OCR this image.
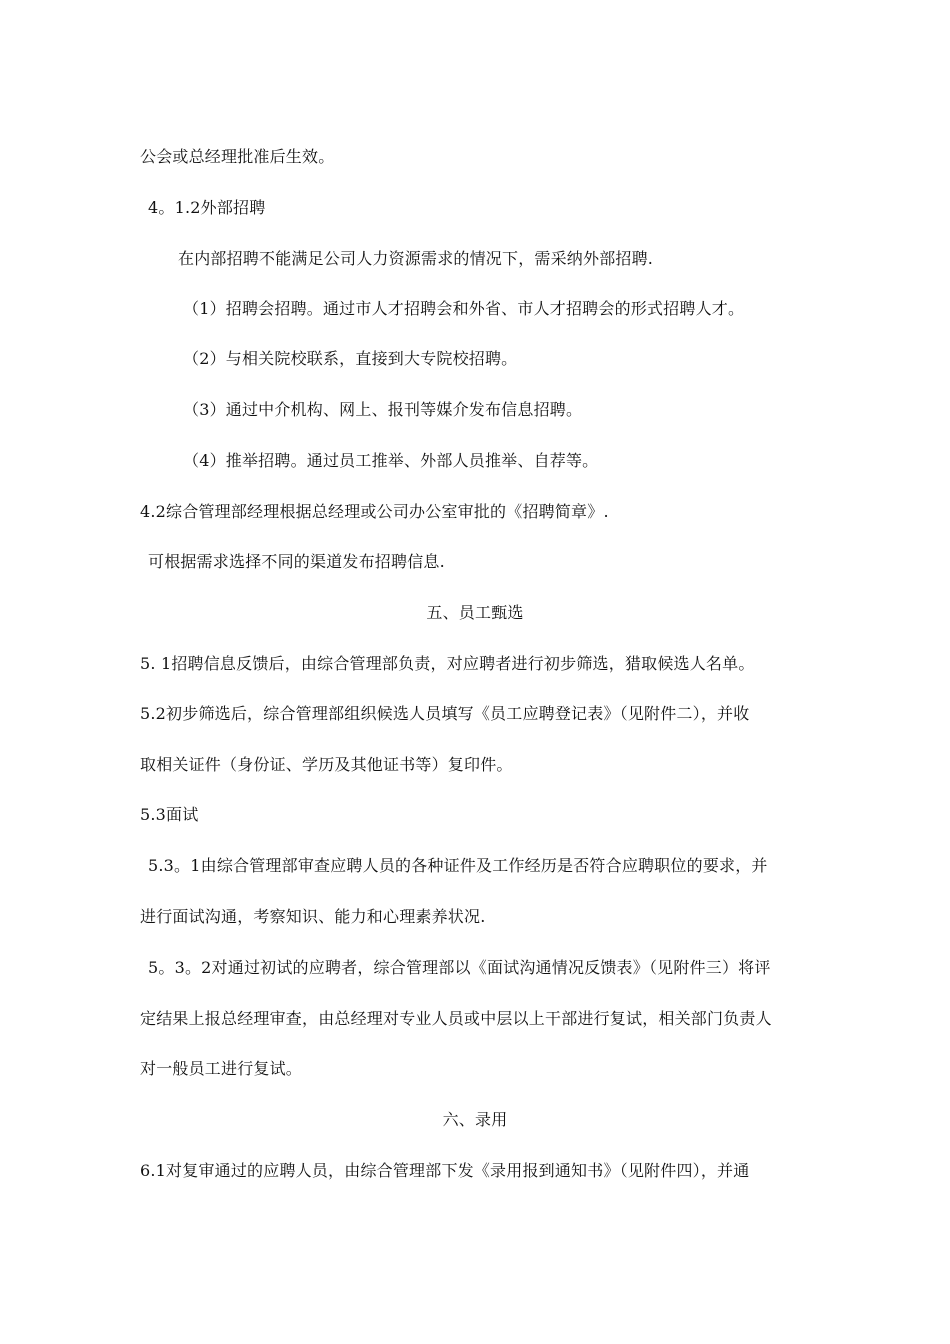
公会或总经理批准后生效。
4。1.2外部招聘
在内部招聘不能满足公司人力资源需求的情况下，需采纳外部招聘.
（1）招聘会招聘。通过市人才招聘会和外省、市人才招聘会的形式招聘人才。
（2）与相关院校联系，直接到大专院校招聘。
（3）通过中介机构、网上、报刊等媒介发布信息招聘。
（4）推举招聘。通过员工推举、外部人员推举、自荐等。
4.2综合管理部经理根据总经理或公司办公室审批的《招聘简章》.
可根据需求选择不同的渠道发布招聘信息.
五、员工甄选
5. 1招聘信息反馈后，由综合管理部负责，对应聘者进行初步筛选，猎取候选人名单。
5.2初步筛选后，综合管理部组织候选人员填写《员工应聘登记表》（见附件二），并收
取相关证件（身份证、学历及其他证书等）复印件。
5.3面试
5.3。1由综合管理部审查应聘人员的各种证件及工作经历是否符合应聘职位的要求，并
进行面试沟通，考察知识、能力和心理素养状况.
5。3。2对通过初试的应聘者，综合管理部以《面试沟通情况反馈表》（见附件三）将评
定结果上报总经理审查，由总经理对专业人员或中层以上干部进行复试，相关部门负责人
对一般员工进行复试。
六、录用
6.1对复审通过的应聘人员，由综合管理部下发《录用报到通知书》（见附件四），并通
